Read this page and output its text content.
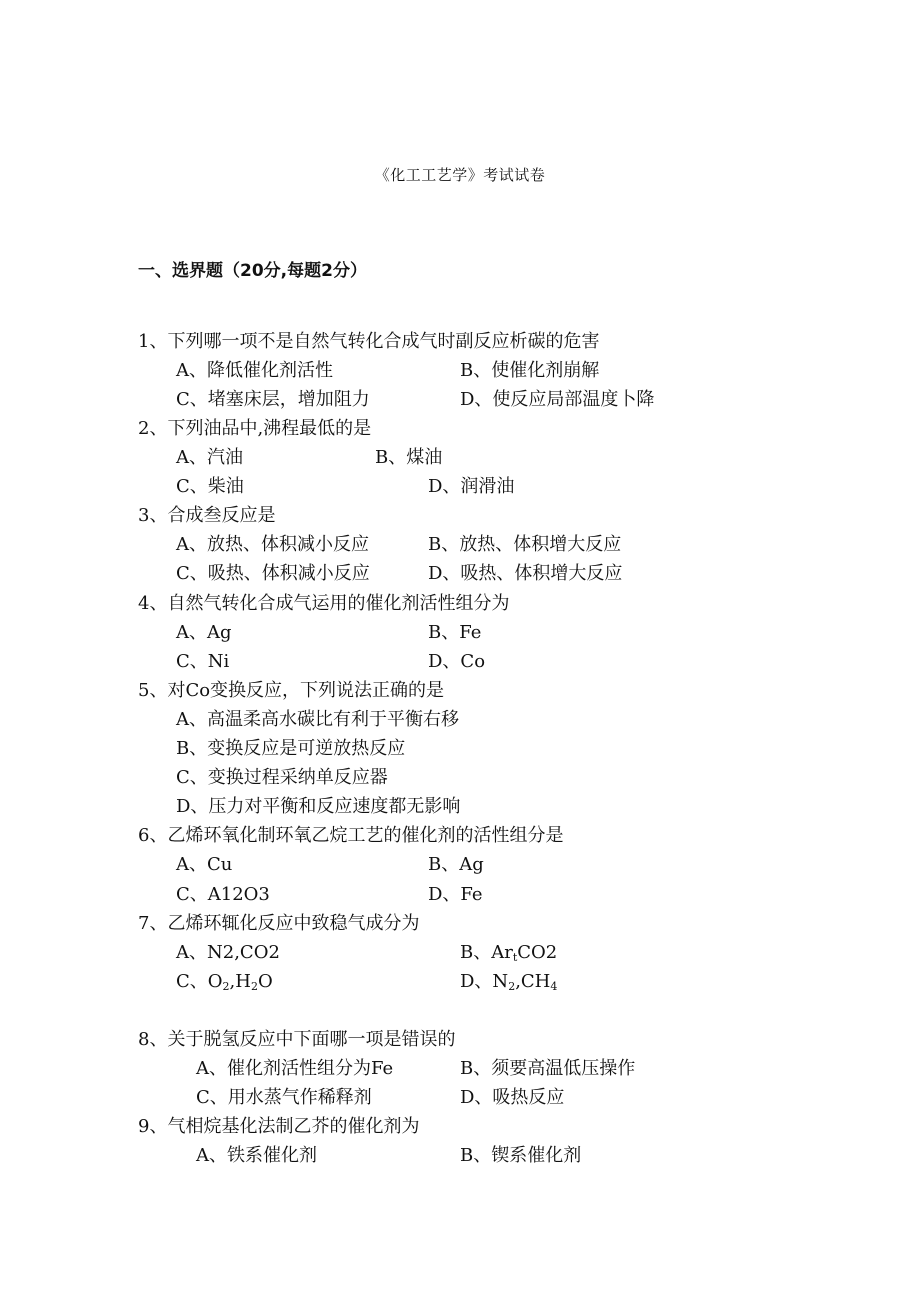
《化工工艺学》考试试卷
一、选界题（20分,每题2分）
1、下列哪一项不是自然气转化合成气时副反应析碳的危害
A、降低催化剂活性	B、使催化剂崩解
C、堵塞床层，增加阻力	D、使反应局部温度卜降
2、下列油品中,沸程最低的是
A、汽油	B、煤油
C、柴油	D、润滑油
3、合成叁反应是
A、放热、体积减小反应	B、放热、体积增大反应
C、吸热、体积减小反应	D、吸热、体积增大反应
4、自然气转化合成气运用的催化剂活性组分为
A、Ag	B、Fe
C、Ni	D、Co
5、对Co变换反应，下列说法正确的是
A、高温柔高水碳比有利于平衡右移
B、变换反应是可逆放热反应
C、变换过程采纳单反应器
D、压力对平衡和反应速度都无影响
6、乙烯环氧化制环氧乙烷工艺的催化剂的活性组分是
A、Cu	B、Ag
C、A12O3	D、Fe
7、乙烯环辄化反应中致稳气成分为
A、N2,CO2	B、$Ar_tCO2$
C、$O_2,H_2O$	D、$N_2,CH_4$
8、关于脱氢反应中下面哪一项是错误的
A、催化剂活性组分为Fe	B、须要高温低压操作
C、用水蒸气作稀释剂	D、吸热反应
9、气相烷基化法制乙芥的催化剂为
A、铁系催化剂	B、锲系催化剂
